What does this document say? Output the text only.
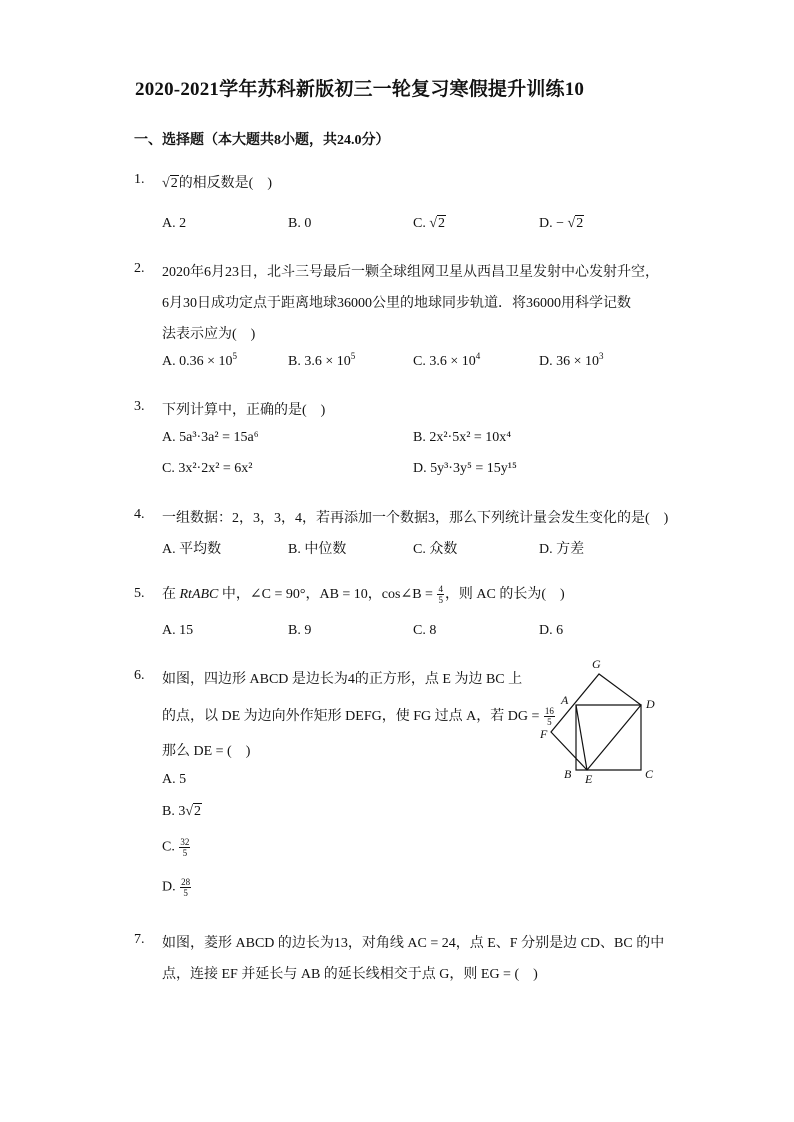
2020-2021学年苏科新版初三一轮复习寒假提升训练10
一、选择题（本大题共8小题，共24.0分）
1. √2的相反数是(　)
A. 2	B. 0	C. √2	D. − √2
2. 2020年6月23日，北斗三号最后一颗全球组网卫星从西昌卫星发射中心发射升空，
6月30日成功定点于距离地球36000公里的地球同步轨道．将36000用科学记数
法表示应为(　)
A. $0.36 \times 10^5$	B. $3.6 \times 10^5$	C. $3.6 \times 10^4$	D. $36 \times 10^3$
3. 下列计算中，正确的是(　)
A. 5a³·3a² = 15a⁶	B. 2x²·5x² = 10x⁴
C. 3x²·2x² = 6x²	D. 5y³·3y⁵ = 15y¹⁵
4. 一组数据：2，3，3，4，若再添加一个数据3，那么下列统计量会发生变化的是(　)
A. 平均数	B. 中位数	C. 众数	D. 方差
5. 在 RtABC 中，∠C = 90°，AB = 10，cos∠B = $\frac{4}{5}$ ，则 AC 的长为(　)
A. 15	B. 9	C. 8	D. 6
6. 如图，四边形 ABCD 是边长为4的正方形，点 E 为边 BC 上
的点，以 DE 为边向外作矩形 DEFG，使 FG 过点 A，若 DG = $\frac{16}{5}$
那么 DE = (　)
A. 5
B. 3√2
C. $\frac{32}{5}$
D. $\frac{28}{5}$
G
A	D
F
B E	C
7. 如图，菱形 ABCD 的边长为13，对角线 AC = 24，点 E、F 分别是边 CD、BC 的中
点，连接 EF 并延长与 AB 的延长线相交于点 G，则 EG = (　)
